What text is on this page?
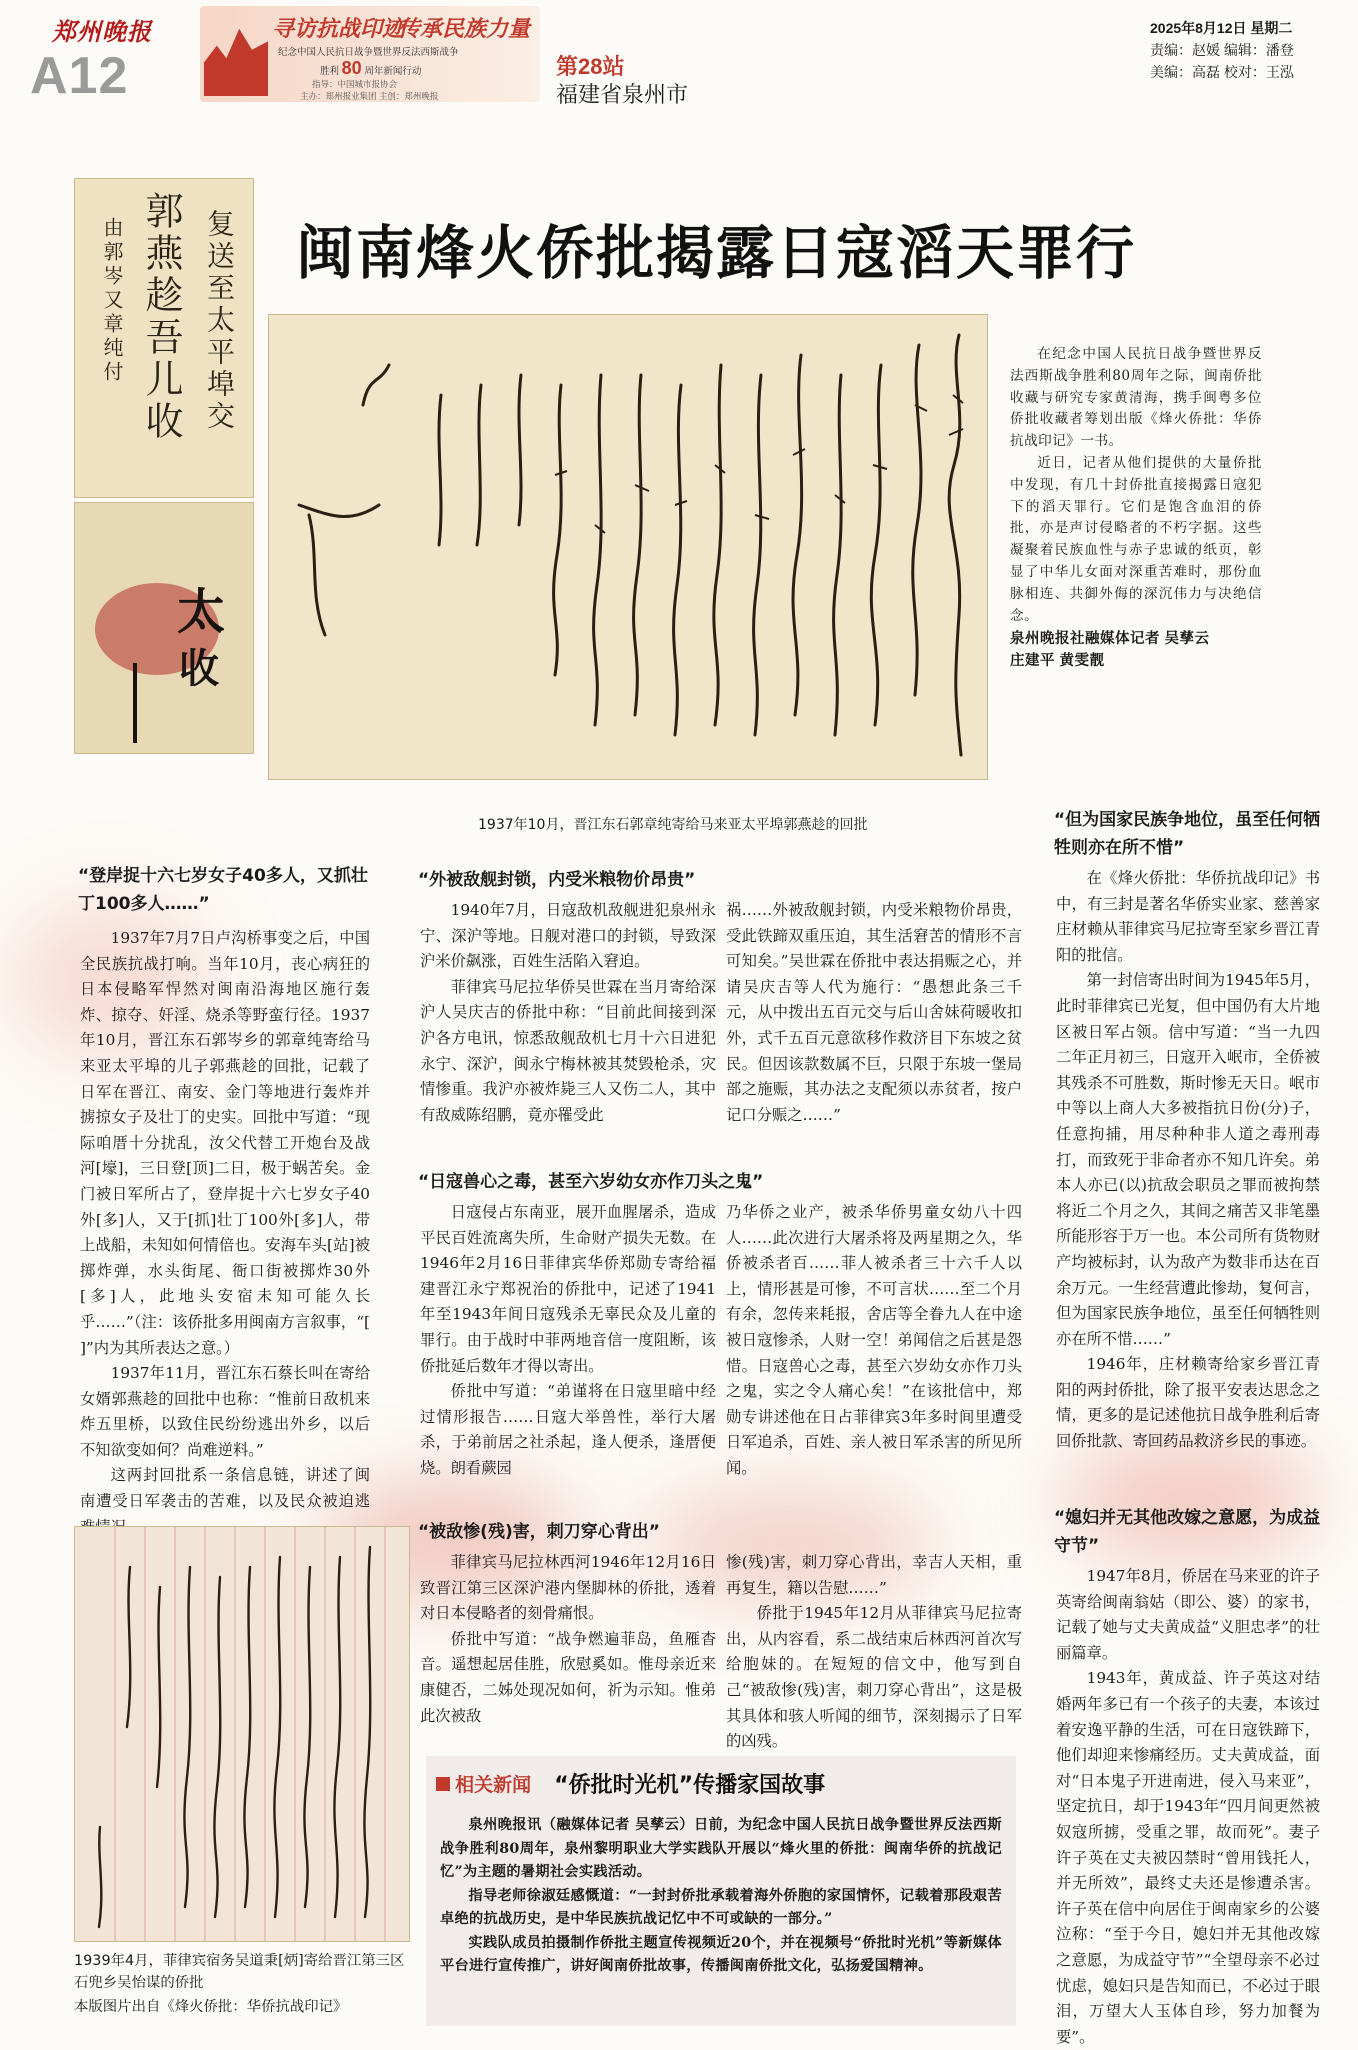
郑州晚报
A12
寻访抗战印迹
传承民族力量
纪念中国人民抗日战争暨世界反法西斯战争
胜利 80 周年新闻行动
指导：中国城市报协会
主办：郑州报业集团 主创：郑州晚报
第28站
福建省泉州市
2025年8月12日 星期二
责编：赵媛 编辑：潘登
美编：高磊 校对：王泓
闽南烽火侨批揭露日寇滔天罪行
复送至太平埠交
郭燕趁吾儿收
由郭岑又章纯付
太
收
1937年10月，晋江东石郭章纯寄给马来亚太平埠郭燕趁的回批

在纪念中国人民抗日战争暨世界反法西斯战争胜利80周年之际，闽南侨批收藏与研究专家黄清海，携手闽粤多位侨批收藏者筹划出版《烽火侨批：华侨抗战印记》一书。

近日，记者从他们提供的大量侨批中发现，有几十封侨批直接揭露日寇犯下的滔天罪行。它们是饱含血泪的侨批，亦是声讨侵略者的不朽字据。这些凝聚着民族血性与赤子忠诚的纸页，彰显了中华儿女面对深重苦难时，那份血脉相连、共御外侮的深沉伟力与决绝信念。

泉州晚报社融媒体记者 吴孳云
庄建平 黄雯靓
“登岸捉十六七岁女子40多人，又抓壮丁100多人……”

1937年7月7日卢沟桥事变之后，中国全民族抗战打响。当年10月，丧心病狂的日本侵略军悍然对闽南沿海地区施行轰炸、掠夺、奸淫、烧杀等野蛮行径。1937年10月，晋江东石郭岑乡的郭章纯寄给马来亚太平埠的儿子郭燕趁的回批，记载了日军在晋江、南安、金门等地进行轰炸并掳掠女子及壮丁的史实。回批中写道：“现际咱厝十分扰乱，汝父代替工开炮台及战河[壕]，三日登[顶]二日，极于蜗苦矣。金门被日军所占了，登岸捉十六七岁女子40外[多]人，又于[抓]壮丁100外[多]人，带上战船，未知如何情倍也。安海车头[站]被掷炸弹，水头街尾、衙口街被掷炸30外[多]人，此地头安宿未知可能久长乎……”（注：该侨批多用闽南方言叙事，“[ ]”内为其所表达之意。）

1937年11月，晋江东石蔡长叫在寄给女婿郭燕趁的回批中也称：“惟前日敌机来炸五里桥，以致住民纷纷逃出外乡，以后不知欲变如何？尚难逆料。”

这两封回批系一条信息链，讲述了闽南遭受日军袭击的苦难，以及民众被迫逃

1939年4月，菲律宾宿务吴道秉[炳]寄给晋江第三区石兜乡吴怡谋的侨批
本版图片出自《烽火侨批：华侨抗战印记》
“外被敌舰封锁，内受米粮物价昂贵”

1940年7月，日寇敌机敌舰进犯泉州永宁、深沪等地。日舰对港口的封锁，导致深沪米价飙涨，百姓生活陷入窘迫。

菲律宾马尼拉华侨吴世霖在当月寄给深沪人吴庆吉的侨批中称：“目前此间接到深沪各方电讯，惊悉敌舰敌机七月十六日进犯永宁、深沪，闽永宁梅林被其焚毁枪杀，灾情惨重。我沪亦被炸毙三人又伤二人，其中有敌威陈绍鹏，竟亦罹受此

祸……外被敌舰封锁，内受米粮物价昂贵，受此铁蹄双重压迫，其生活窘苦的情形不言可知矣。”吴世霖在侨批中表达捐赈之心，并请吴庆吉等人代为施行：“愚想此条三千元，从中拨出五百元交与后山舍妹荷暖收扣外，式千五百元意欲移作救济目下东坡之贫民。但因该款数属不巨，只限于东坡一堡局部之施赈，其办法之支配须以赤贫者，按户记口分赈之……”

“日寇兽心之毒，甚至六岁幼女亦作刀头之鬼”

日寇侵占东南亚，展开血腥屠杀，造成平民百姓流离失所，生命财产损失无数。在1946年2月16日菲律宾华侨郑勋专寄给福建晋江永宁郑祝治的侨批中，记述了1941年至1943年间日寇残杀无辜民众及儿童的罪行。由于战时中菲两地音信一度阻断，该侨批延后数年才得以寄出。

侨批中写道：“弟谨将在日寇里暗中经过情形报告……日寇大举兽性，举行大屠杀，于弟前居之社杀起，逢人便杀，逢厝便烧。朗看蕨园

乃华侨之业产，被杀华侨男童女幼八十四人……此次进行大屠杀将及两星期之久，华侨被杀者百……菲人被杀者三十六千人以上，情形甚是可惨，不可言状……至二个月有余，忽传来耗报，舍店等全眷九人在中途被日寇惨杀，人财一空！弟闻信之后甚是怨惜。日寇兽心之毒，甚至六岁幼女亦作刀头之鬼，实之令人痛心矣！”在该批信中，郑勋专讲述他在日占菲律宾3年多时间里遭受日军追杀，百姓、亲人被日军杀害的所见所闻。

“被敌惨(残)害，刺刀穿心背出”

菲律宾马尼拉林西河1946年12月16日致晋江第三区深沪港内堡脚林的侨批，透着对日本侵略者的刻骨痛恨。

侨批中写道：“战争燃遍菲岛，鱼雁杳音。遥想起居佳胜，欣慰奚如。惟母亲近来康健否，二姊处现况如何，祈为示知。惟弟此次被敌

惨(残)害，刺刀穿心背出，幸吉人天相，重再复生，籍以告慰……”

侨批于1945年12月从菲律宾马尼拉寄出，从内容看，系二战结束后林西河首次写给胞妹的。在短短的信文中，他写到自己“被敌惨(残)害，刺刀穿心背出”，这是极其具体和骇人听闻的细节，深刻揭示了日军的凶残。

相关新闻 “侨批时光机”传播家国故事

泉州晚报讯（融媒体记者 吴孳云）日前，为纪念中国人民抗日战争暨世界反法西斯战争胜利80周年，泉州黎明职业大学实践队开展以“烽火里的侨批：闽南华侨的抗战记忆”为主题的暑期社会实践活动。

指导老师徐淑廷感慨道：“一封封侨批承载着海外侨胞的家国情怀，记载着那段艰苦卓绝的抗战历史，是中华民族抗战记忆中不可或缺的一部分。”

实践队成员拍摄制作侨批主题宣传视频近20个，并在视频号“侨批时光机”等新媒体平台进行宣传推广，讲好闽南侨批故事，传播闽南侨批文化，弘扬爱国精神。

“但为国家民族争地位，虽至任何牺牲则亦在所不惜”

在《烽火侨批：华侨抗战印记》书中，有三封是著名华侨实业家、慈善家庄材赖从菲律宾马尼拉寄至家乡晋江青阳的批信。

第一封信寄出时间为1945年5月，此时菲律宾已光复，但中国仍有大片地区被日军占领。信中写道：“当一九四二年正月初三，日寇开入岷市，全侨被其残杀不可胜数，斯时惨无天日。岷市中等以上商人大多被指抗日份(分)子，任意拘捕，用尽种种非人道之毒刑毒打，而致死于非命者亦不知几许矣。弟本人亦已(以)抗敌会职员之罪而被拘禁将近二个月之久，其间之痛苦又非笔墨所能形容于万一也。本公司所有货物财产均被标封，认为敌产为数非币达在百余万元。一生经营遭此惨劫，复何言，但为国家民族争地位，虽至任何牺牲则亦在所不惜……”

1946年，庄材赖寄给家乡晋江青阳的两封侨批，除了报平安表达思念之情，更多的是记述他抗日战争胜利后寄回侨批款、寄回药品救济乡民的事迹。

“媳妇并无其他改嫁之意愿，为成益守节”

1947年8月，侨居在马来亚的许子英寄给闽南翁姑（即公、婆）的家书，记载了她与丈夫黄成益“义胆忠孝”的壮丽篇章。

1943年，黄成益、许子英这对结婚两年多已有一个孩子的夫妻，本该过着安逸平静的生活，可在日寇铁蹄下，他们却迎来惨痛经历。丈夫黄成益，面对“日本鬼子开进南进，侵入马来亚”，坚定抗日，却于1943年“四月间更然被奴寇所掳，受重之罪，故而死”。妻子许子英在丈夫被囚禁时“曾用钱托人，并无所效”，最终丈夫还是惨遭杀害。许子英在信中向居住于闽南家乡的公婆泣称：“至于今日，媳妇并无其他改嫁之意愿，为成益守节”“全望母亲不必过忧虑，媳妇只是告知而已，不必过于眼泪，万望大人玉体自珍，努力加餐为要”。
